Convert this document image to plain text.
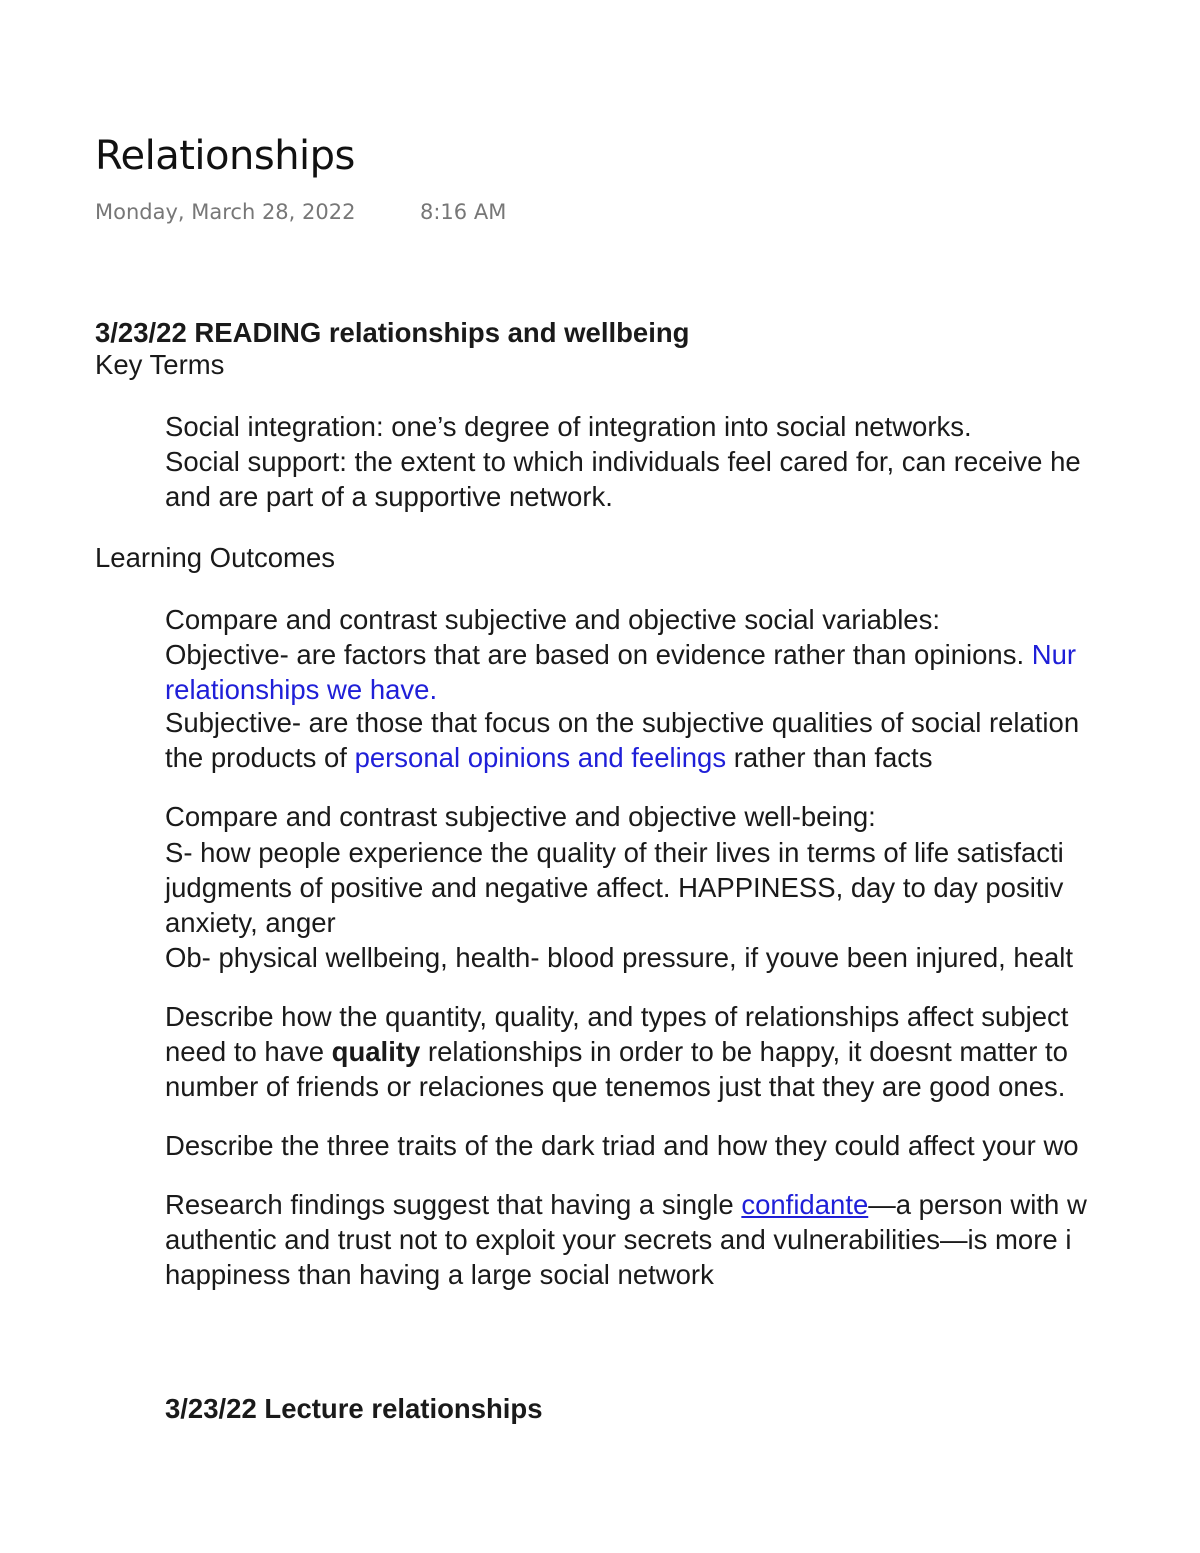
Relationships
Monday, March 28, 2022	8:16 AM
3/23/22 READING relationships and wellbeing
Key Terms
Social integration: one’s degree of integration into social networks.
Social support: the extent to which individuals feel cared for, can receive he
and are part of a supportive network.
Learning Outcomes
Compare and contrast subjective and objective social variables:
Objective- are factors that are based on evidence rather than opinions. Nur
relationships we have.
Subjective- are those that focus on the subjective qualities of social relation
the products of personal opinions and feelings rather than facts
Compare and contrast subjective and objective well-being:
S- how people experience the quality of their lives in terms of life satisfacti
judgments of positive and negative affect. HAPPINESS, day to day positiv
anxiety, anger
Ob- physical wellbeing, health- blood pressure, if youve been injured, healt
Describe how the quantity, quality, and types of relationships affect subject
need to have quality relationships in order to be happy, it doesnt matter to
number of friends or relaciones que tenemos just that they are good ones.
Describe the three traits of the dark triad and how they could affect your wo
Research findings suggest that having a single confidante—a person with w
authentic and trust not to exploit your secrets and vulnerabilities—is more i
happiness than having a large social network
3/23/22 Lecture relationships
